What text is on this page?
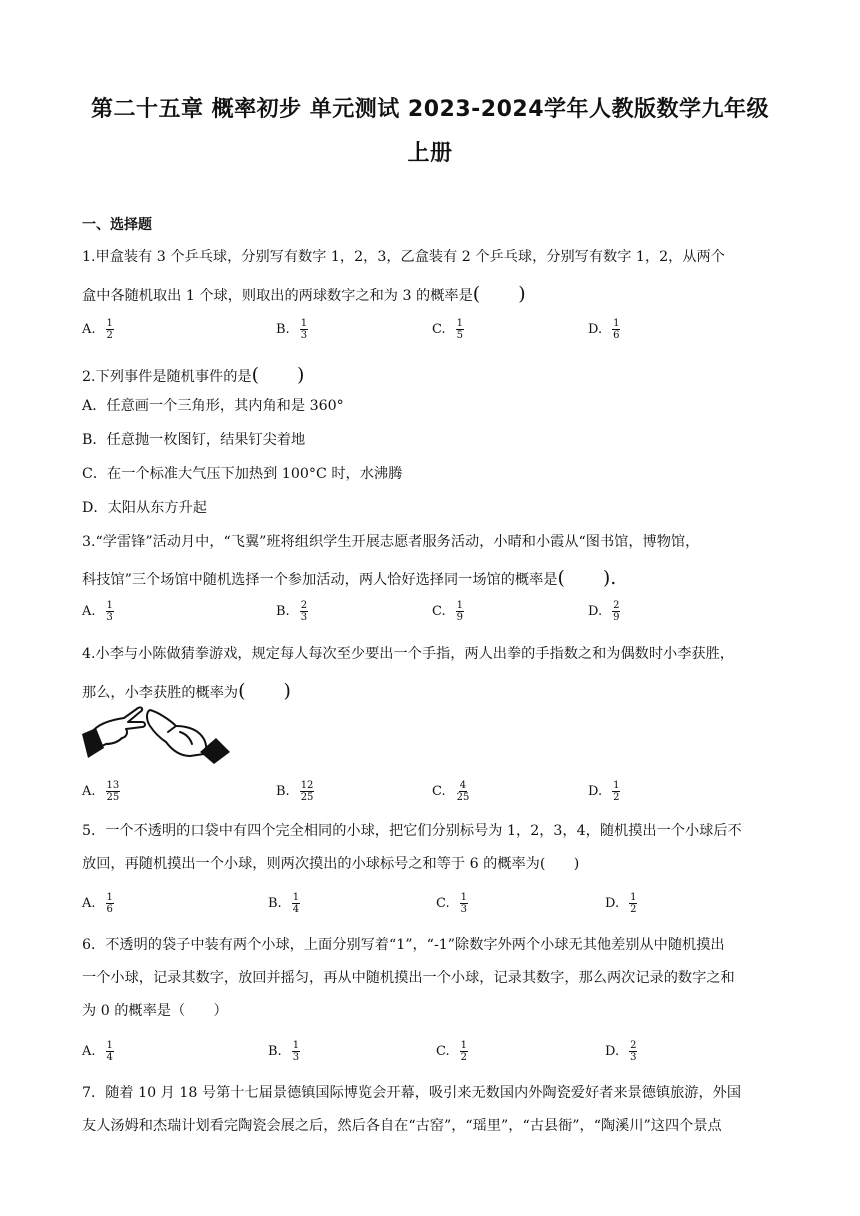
第二十五章 概率初步 单元测试 2023-2024学年人教版数学九年级
上册
一、选择题
1.甲盒装有 3 个乒乓球，分别写有数字 1，2，3，乙盒装有 2 个乒乓球，分别写有数字 1，2，从两个
盒中各随机取出 1 个球，则取出的两球数字之和为 3 的概率是(　　)
A. $\frac{1}{2}$	B. $\frac{1}{3}$	C. $\frac{1}{5}$	D. $\frac{1}{6}$
2.下列事件是随机事件的是(　　)
A．任意画一个三角形，其内角和是 360°
B．任意抛一枚图钉，结果钉尖着地
C．在一个标准大气压下加热到 100°C 时，水沸腾
D．太阳从东方升起
3.“学雷锋”活动月中，“飞翼”班将组织学生开展志愿者服务活动，小晴和小霞从“图书馆，博物馆，
科技馆”三个场馆中随机选择一个参加活动，两人恰好选择同一场馆的概率是(　　).
A. $\frac{1}{3}$	B. $\frac{2}{3}$	C. $\frac{1}{9}$	D. $\frac{2}{9}$
4.小李与小陈做猜拳游戏，规定每人每次至少要出一个手指，两人出拳的手指数之和为偶数时小李获胜，
那么，小李获胜的概率为(　　)
A. $\frac{13}{25}$	B. $\frac{12}{25}$	C. $\frac{4}{25}$	D. $\frac{1}{2}$
5．一个不透明的口袋中有四个完全相同的小球，把它们分别标号为 1，2，3，4，随机摸出一个小球后不
放回，再随机摸出一个小球，则两次摸出的小球标号之和等于 6 的概率为(　　)
A. $\frac{1}{6}$	B. $\frac{1}{4}$	C. $\frac{1}{3}$	D. $\frac{1}{2}$
6．不透明的袋子中装有两个小球，上面分别写着“1”，“-1”除数字外两个小球无其他差别从中随机摸出
一个小球，记录其数字，放回并摇匀，再从中随机摸出一个小球，记录其数字，那么两次记录的数字之和
为 0 的概率是（　　）
A. $\frac{1}{4}$	B. $\frac{1}{3}$	C. $\frac{1}{2}$	D. $\frac{2}{3}$
7．随着 10 月 18 号第十七届景德镇国际博览会开幕，吸引来无数国内外陶瓷爱好者来景德镇旅游，外国
友人汤姆和杰瑞计划看完陶瓷会展之后，然后各自在“古窑”，“瑶里”，“古县衙”，“陶溪川”这四个景点
